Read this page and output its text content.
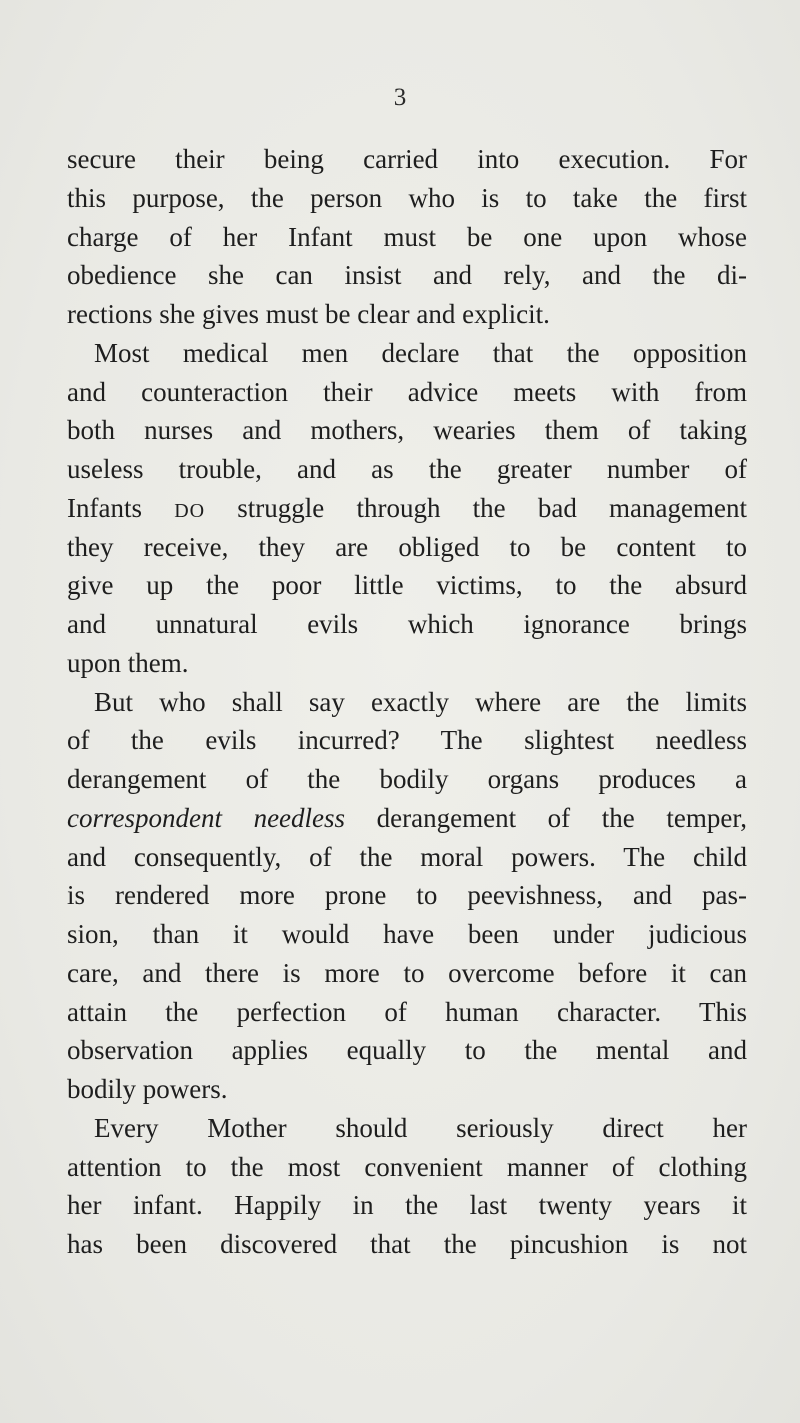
3
secure their being carried into execution. For
this purpose, the person who is to take the first
charge of her Infant must be one upon whose
obedience she can insist and rely, and the di-
rections she gives must be clear and explicit.
Most medical men declare that the opposition
and counteraction their advice meets with from
both nurses and mothers, wearies them of taking
useless trouble, and as the greater number of
Infants DO struggle through the bad management
they receive, they are obliged to be content to
give up the poor little victims, to the absurd
and unnatural evils which ignorance brings
upon them.
But who shall say exactly where are the limits
of the evils incurred? The slightest needless
derangement of the bodily organs produces a
correspondent needless derangement of the temper,
and consequently, of the moral powers. The child
is rendered more prone to peevishness, and pas-
sion, than it would have been under judicious
care, and there is more to overcome before it can
attain the perfection of human character. This
observation applies equally to the mental and
bodily powers.
Every Mother should seriously direct her
attention to the most convenient manner of clothing
her infant. Happily in the last twenty years it
has been discovered that the pincushion is not
